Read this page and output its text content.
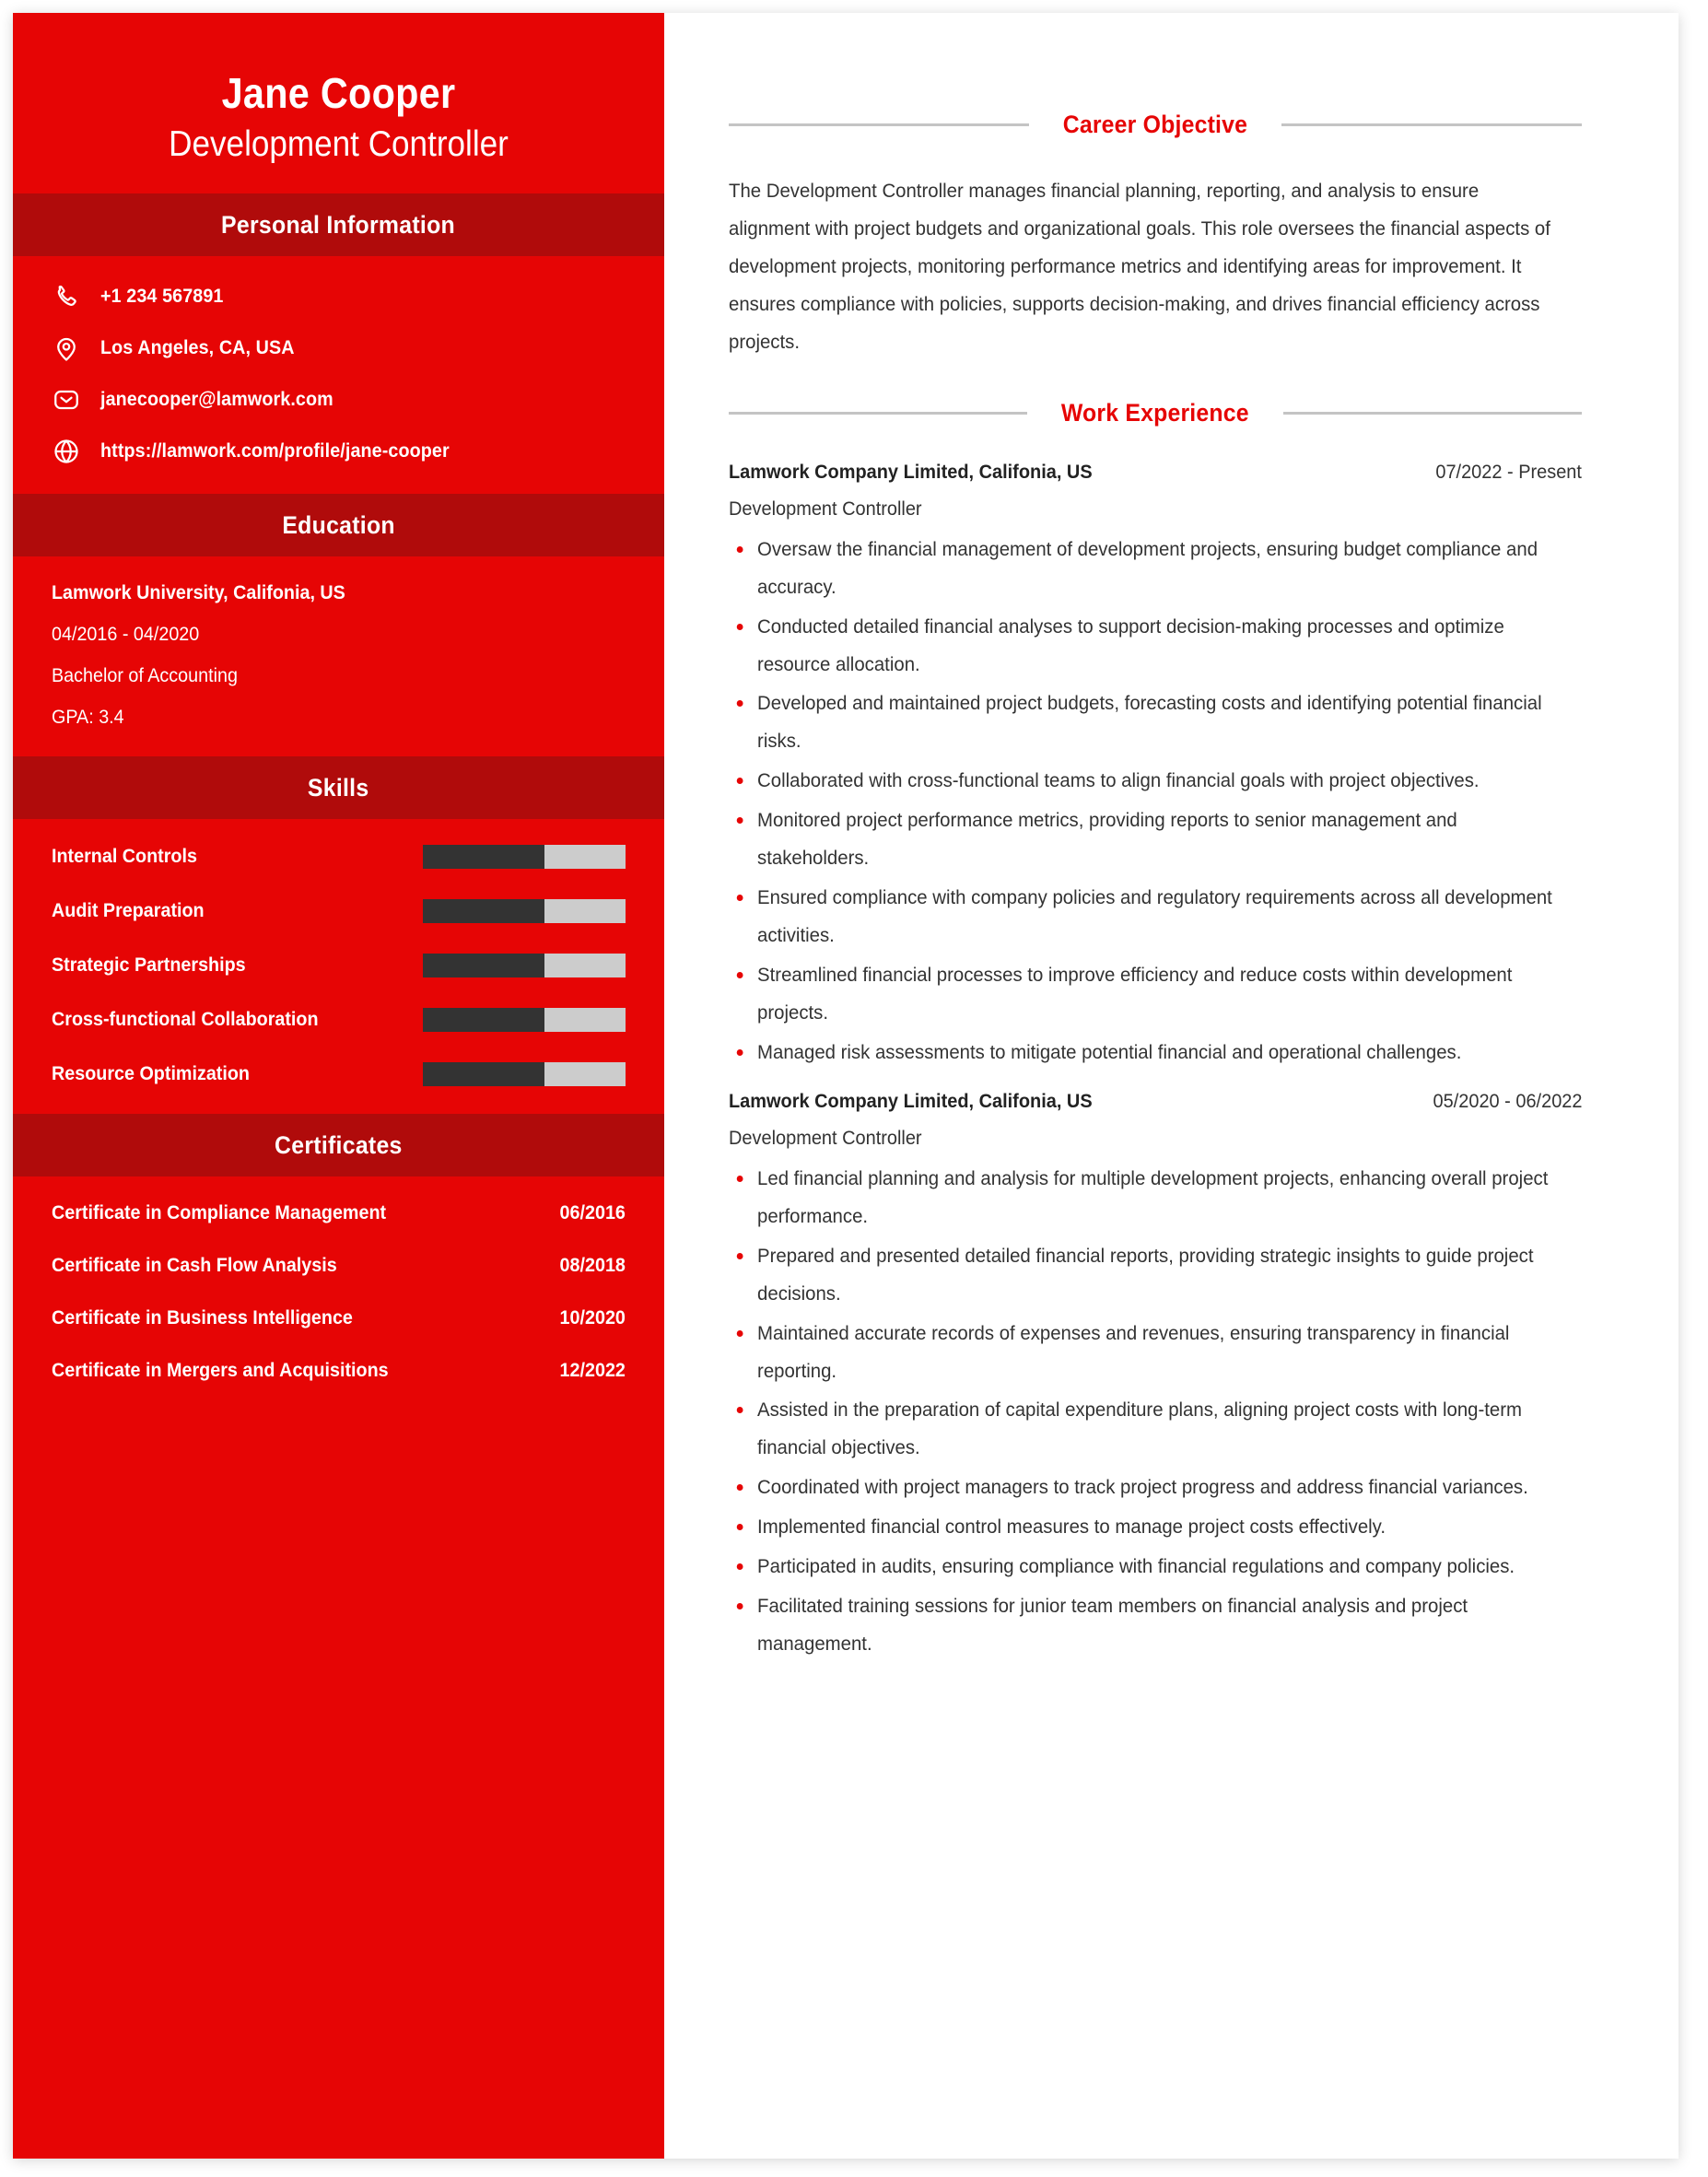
Jane Cooper
Development Controller
Personal Information
+1 234 567891
Los Angeles, CA, USA
janecooper@lamwork.com
https://lamwork.com/profile/jane-cooper
Education
Lamwork University, Califonia, US
04/2016 - 04/2020
Bachelor of Accounting
GPA: 3.4
Skills
Internal Controls
Audit Preparation
Strategic Partnerships
Cross-functional Collaboration
Resource Optimization
Certificates
Certificate in Compliance Management	06/2016
Certificate in Cash Flow Analysis	08/2018
Certificate in Business Intelligence	10/2020
Certificate in Mergers and Acquisitions	12/2022
Career Objective

The Development Controller manages financial planning, reporting, and analysis to ensure alignment with project budgets and organizational goals. This role oversees the financial aspects of development projects, monitoring performance metrics and identifying areas for improvement. It ensures compliance with policies, supports decision-making, and drives financial efficiency across projects.

Work Experience
Lamwork Company Limited, Califonia, US	07/2022 - Present
Development Controller
Oversaw the financial management of development projects, ensuring budget compliance and accuracy.
Conducted detailed financial analyses to support decision-making processes and optimize resource allocation.
Developed and maintained project budgets, forecasting costs and identifying potential financial risks.
Collaborated with cross-functional teams to align financial goals with project objectives.
Monitored project performance metrics, providing reports to senior management and stakeholders.
Ensured compliance with company policies and regulatory requirements across all development activities.
Streamlined financial processes to improve efficiency and reduce costs within development projects.
Managed risk assessments to mitigate potential financial and operational challenges.
Lamwork Company Limited, Califonia, US	05/2020 - 06/2022
Development Controller
Led financial planning and analysis for multiple development projects, enhancing overall project performance.
Prepared and presented detailed financial reports, providing strategic insights to guide project decisions.
Maintained accurate records of expenses and revenues, ensuring transparency in financial reporting.
Assisted in the preparation of capital expenditure plans, aligning project costs with long-term financial objectives.
Coordinated with project managers to track project progress and address financial variances.
Implemented financial control measures to manage project costs effectively.
Participated in audits, ensuring compliance with financial regulations and company policies.
Facilitated training sessions for junior team members on financial analysis and project management.
